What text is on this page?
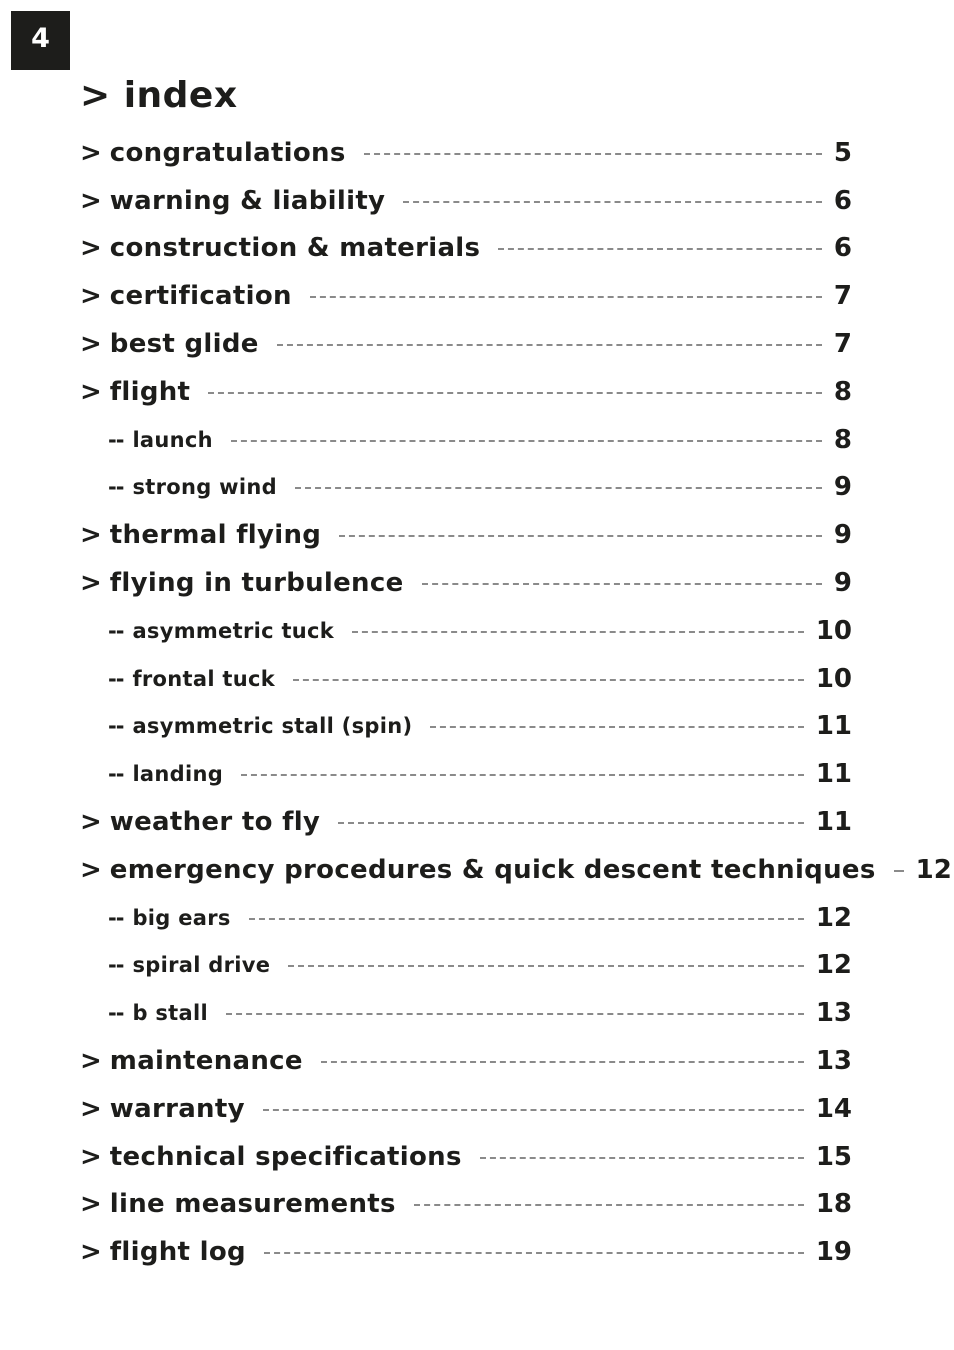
4
> index
> congratulations	5
> warning & liability	6
> construction & materials	6
> certification	7
> best glide	7
> flight	8
-- launch	8
-- strong wind	9
> thermal flying	9
> flying in turbulence	9
-- asymmetric tuck	10
-- frontal tuck	10
-- asymmetric stall (spin)	11
-- landing	11
> weather to fly	11
> emergency procedures & quick descent techniques 12
-- big ears	12
-- spiral drive	12
-- b stall	13
> maintenance	13
> warranty	14
> technical specifications	15
> line measurements	18
> flight log	19
